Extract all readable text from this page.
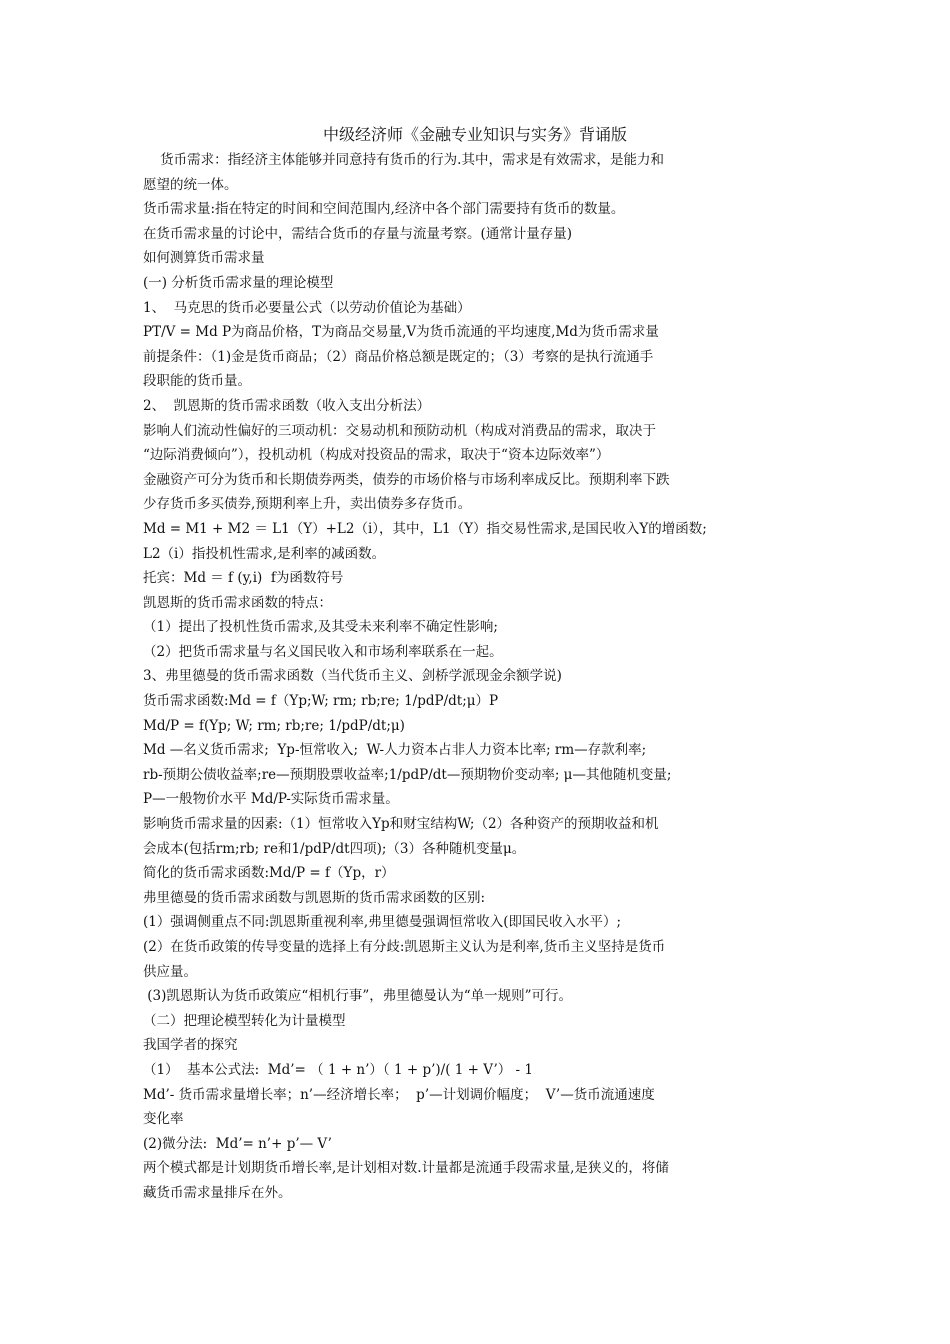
中级经济师《金融专业知识与实务》背诵版
货币需求：指经济主体能够并同意持有货币的行为.其中，需求是有效需求，是能力和
愿望的统一体。
货币需求量:指在特定的时间和空间范围内,经济中各个部门需要持有货币的数量。
在货币需求量的讨论中，需结合货币的存量与流量考察。(通常计量存量)
如何测算货币需求量
(一) 分析货币需求量的理论模型
1、  马克思的货币必要量公式（以劳动价值论为基础）
PT/V = Md P为商品价格，T为商品交易量,V为货币流通的平均速度,Md为货币需求量
前提条件：（1)金是货币商品；（2）商品价格总额是既定的；（3）考察的是执行流通手
段职能的货币量。
2、  凯恩斯的货币需求函数（收入支出分析法）
影响人们流动性偏好的三项动机：交易动机和预防动机（构成对消费品的需求，取决于
“边际消费倾向”），投机动机（构成对投资品的需求，取决于“资本边际效率”）
金融资产可分为货币和长期债券两类，债券的市场价格与市场利率成反比。预期利率下跌
少存货币多买债券,预期利率上升，卖出债券多存货币。
Md = M1 + M2 ＝ L1（Y）+L2（i），其中，L1（Y）指交易性需求,是国民收入Y的增函数;
L2（i）指投机性需求,是利率的减函数。
托宾：Md ＝ f (y,i)  f为函数符号
凯恩斯的货币需求函数的特点：
（1）提出了投机性货币需求,及其受未来利率不确定性影响;
（2）把货币需求量与名义国民收入和市场利率联系在一起。
3、弗里德曼的货币需求函数（当代货币主义、剑桥学派现金余额学说)
货币需求函数:Md = f（Yp;W; rm; rb;re; 1/pdP/dt;μ）P
Md/P = f(Yp; W; rm; rb;re; 1/pdP/dt;μ)
Md —名义货币需求;  Yp-恒常收入;  W-人力资本占非人力资本比率; rm—存款利率;
rb-预期公债收益率;re—预期股票收益率;1/pdP/dt—预期物价变动率; μ—其他随机变量;
P—一般物价水平 Md/P-实际货币需求量。
影响货币需求量的因素:（1）恒常收入Yp和财宝结构W;（2）各种资产的预期收益和机
会成本(包括rm;rb; re和1/pdP/dt四项);（3）各种随机变量μ。
简化的货币需求函数:Md/P = f（Yp，r）
弗里德曼的货币需求函数与凯恩斯的货币需求函数的区别:
(1）强调侧重点不同:凯恩斯重视利率,弗里德曼强调恒常收入(即国民收入水平）;
(2）在货币政策的传导变量的选择上有分歧:凯恩斯主义认为是利率,货币主义坚持是货币
供应量。
(3)凯恩斯认为货币政策应“相机行事”，弗里德曼认为“单一规则”可行。
（二）把理论模型转化为计量模型
我国学者的探究
（1）  基本公式法:  Md’= （ 1 + n’）（ 1 + p’)/( 1 + V’） - 1
Md’- 货币需求量增长率；n’—经济增长率；  p’—计划调价幅度；  V’—货币流通速度
变化率
(2)微分法:  Md’= n’+ p’— V’
两个模式都是计划期货币增长率,是计划相对数.计量都是流通手段需求量,是狭义的，将储
藏货币需求量排斥在外。
